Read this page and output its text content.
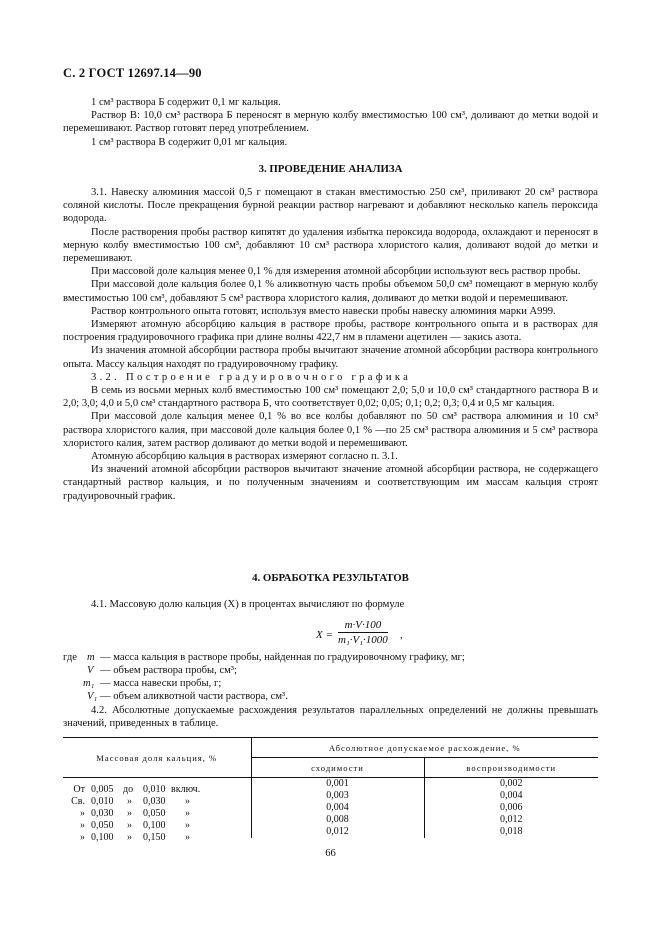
С. 2 ГОСТ 12697.14—90

1 см³ раствора Б содержит 0,1 мг кальция.

Раствор В: 10,0 см³ раствора Б переносят в мерную колбу вместимостью 100 см³, доливают до метки водой и перемешивают. Раствор готовят перед употреблением.

1 см³ раствора В содержит 0,01 мг кальция.

3. ПРОВЕДЕНИЕ АНАЛИЗА

3.1. Навеску алюминия массой 0,5 г помещают в стакан вместимостью 250 см³, приливают 20 см³ раствора соляной кислоты. После прекращения бурной реакции раствор нагревают и добавляют несколько капель пероксида водорода.

После растворения пробы раствор кипятят до удаления избытка пероксида водорода, охлаждают и переносят в мерную колбу вместимостью 100 см³, добавляют 10 см³ раствора хлористого калия, доливают водой до метки и перемешивают.

При массовой доле кальция менее 0,1 % для измерения атомной абсорбции используют весь раствор пробы.

При массовой доле кальция более 0,1 % аликвотную часть пробы объемом 50,0 см³ помещают в мерную колбу вместимостью 100 см³, добавляют 5 см³ раствора хлористого калия, доливают до метки водой и перемешивают.

Раствор контрольного опыта готовят, используя вместо навески пробы навеску алюминия марки А999.

Измеряют атомную абсорбцию кальция в растворе пробы, растворе контрольного опыта и в растворах для построения градуировочного графика при длине волны 422,7 нм в пламени ацетилен — закись азота.

Из значения атомной абсорбции раствора пробы вычитают значение атомной абсорбции раствора контрольного опыта. Массу кальция находят по градуировочному графику.

3.2. Построение градуировочного графика

В семь из восьми мерных колб вместимостью 100 см³ помещают 2,0; 5,0 и 10,0 см³ стандартного раствора В и 2,0; 3,0; 4,0 и 5,0 см³ стандартного раствора Б, что соответствует 0,02; 0,05; 0,1; 0,2; 0,3; 0,4 и 0,5 мг кальция.

При массовой доле кальция менее 0,1 % во все колбы добавляют по 50 см³ раствора алюминия и 10 см³ раствора хлористого калия, при массовой доле кальция более 0,1 % —по 25 см³ раствора алюминия и 5 см³ раствора хлористого калия, затем раствор доливают до метки водой и перемешивают.

Атомную абсорбцию кальция в растворах измеряют согласно п. 3.1.

Из значений атомной абсорбции растворов вычитают значение атомной абсорбции раствора, не содержащего стандартный раствор кальция, и по полученным значениям и соответствующим им массам кальция строят градуировочный график.

4. ОБРАБОТКА РЕЗУЛЬТАТОВ

4.1. Массовую долю кальция (X) в процентах вычисляют по формуле

$X = \frac{m\cdot V\cdot 100}{\text{m₁·V₁·1000}}$ ,
где m — масса кальция в растворе пробы, найденная по градуировочному графику, мг;
V — объем раствора пробы, см³;
m₁ — масса навески пробы, г;
V₁ — объем аликвотной части раствора, см³.

4.2. Абсолютные допускаемые расхождения результатов параллельных определений не должны превышать значений, приведенных в таблице.

Массовая доля кальция, %	Абсолютное допускаемое расхождение, %	
	сходимости	воспроизводимости

От 0,005 до 0,010 включ.	0,001	0,002

Св. 0,010 » 0,030 »	0,003	0,004

» 0,030 » 0,050 »	0,004	0,006

» 0,050 » 0,100 »	0,008	0,012

» 0,100 » 0,150 »	0,012	0,018
66
